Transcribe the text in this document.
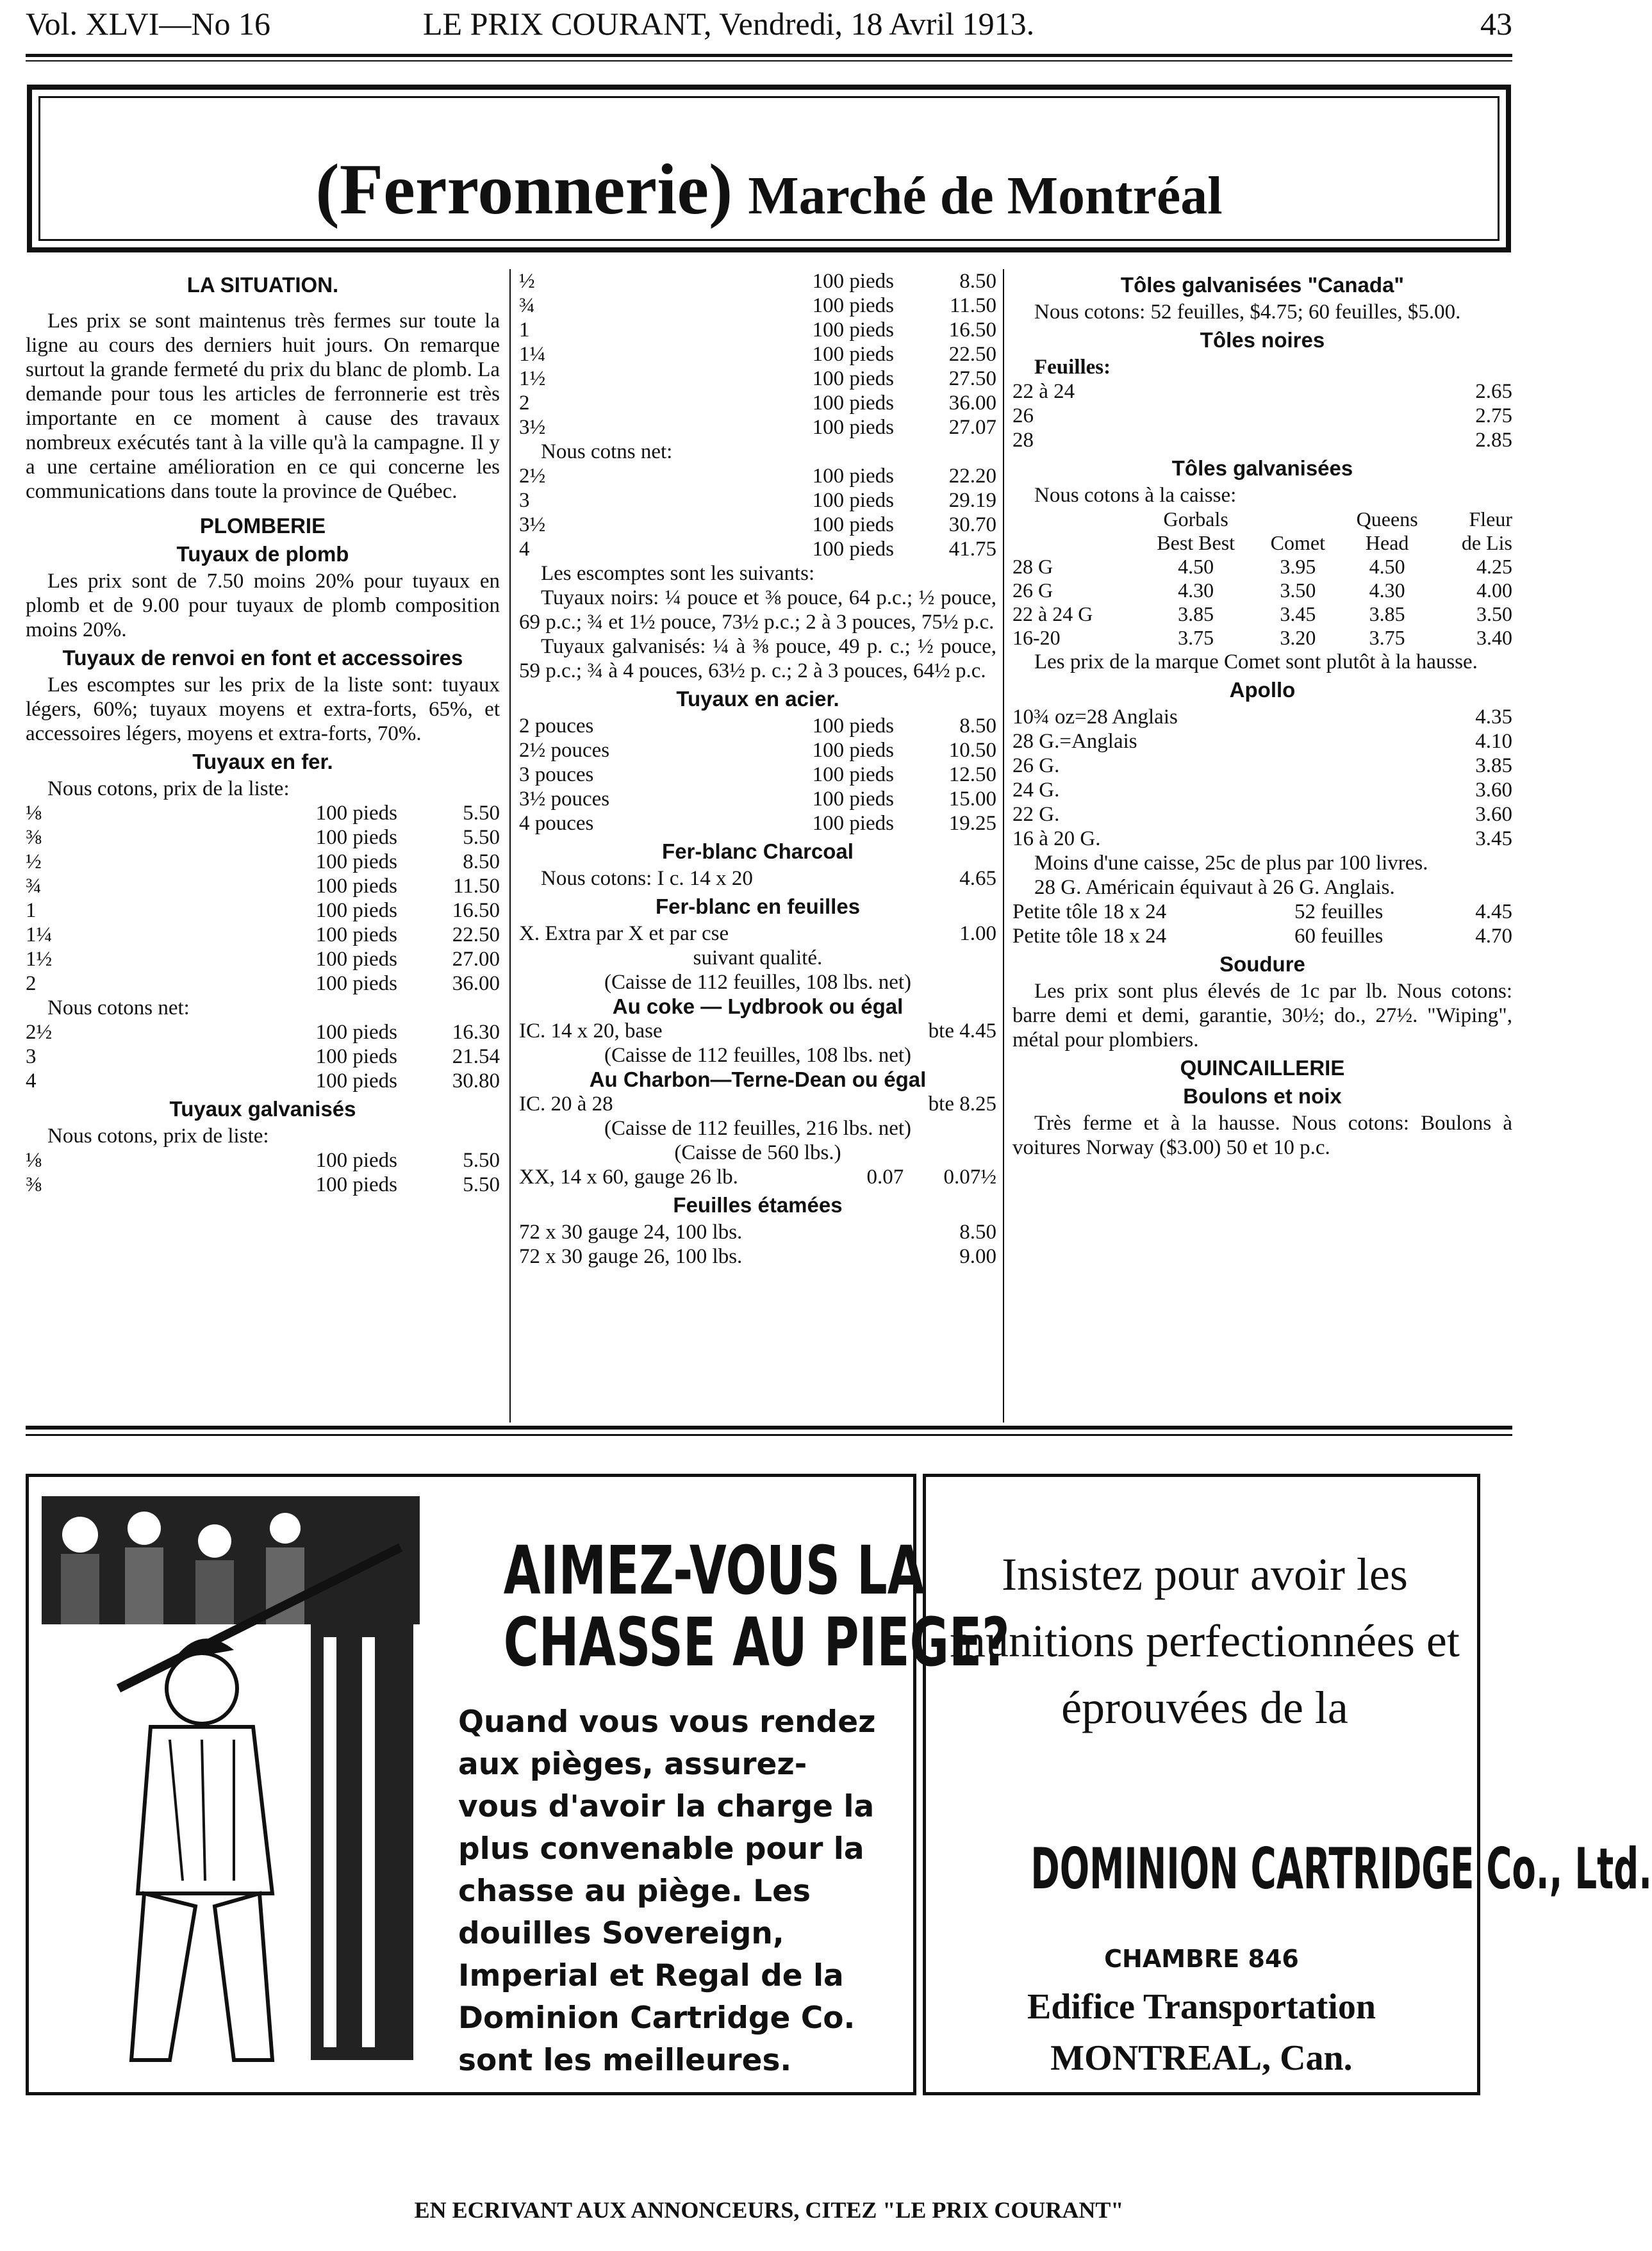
Vol. XLVI—No 16	LE PRIX COURANT, Vendredi, 18 Avril 1913.	43
(Ferronnerie) Marché de Montréal
LA SITUATION.

Les prix se sont maintenus très fermes sur toute la ligne au cours des derniers huit jours. On remarque surtout la grande fermeté du prix du blanc de plomb. La demande pour tous les articles de ferronnerie est très importante en ce moment à cause des travaux nombreux exécutés tant à la ville qu'à la campagne. Il y a une certaine amélioration en ce qui concerne les communications dans toute la province de Québec.

PLOMBERIE
Tuyaux de plomb

Les prix sont de 7.50 moins 20% pour tuyaux en plomb et de 9.00 pour tuyaux de plomb composition moins 20%.

Tuyaux de renvoi en font et accessoires

Les escomptes sur les prix de la liste sont: tuyaux légers, 60%; tuyaux moyens et extra-forts, 65%, et accessoires légers, moyens et extra-forts, 70%.

Tuyaux en fer.
Nous cotons, prix de la liste:
⅛	100 pieds	5.50
⅜	100 pieds	5.50
½	100 pieds	8.50
¾	100 pieds	11.50
1	100 pieds	16.50
1¼	100 pieds	22.50
1½	100 pieds	27.00
2	100 pieds	36.00
Nous cotons net:
2½	100 pieds	16.30
3	100 pieds	21.54
4	100 pieds	30.80
Tuyaux galvanisés
Nous cotons, prix de liste:
⅛	100 pieds	5.50
⅜	100 pieds	5.50
½	100 pieds	8.50
¾	100 pieds	11.50
1	100 pieds	16.50
1¼	100 pieds	22.50
1½	100 pieds	27.50
2	100 pieds	36.00
3½	100 pieds	27.07
Nous cotns net:
2½	100 pieds	22.20
3	100 pieds	29.19
3½	100 pieds	30.70
4	100 pieds	41.75
Les escomptes sont les suivants:

Tuyaux noirs: ¼ pouce et ⅜ pouce, 64 p.c.; ½ pouce, 69 p.c.; ¾ et 1½ pouce, 73½ p.c.; 2 à 3 pouces, 75½ p.c.

Tuyaux galvanisés: ¼ à ⅜ pouce, 49 p. c.; ½ pouce, 59 p.c.; ¾ à 4 pouces, 63½ p. c.; 2 à 3 pouces, 64½ p.c.

Tuyaux en acier.
2 pouces	100 pieds	8.50
2½ pouces	100 pieds	10.50
3 pouces	100 pieds	12.50
3½ pouces	100 pieds	15.00
4 pouces	100 pieds	19.25
Fer-blanc Charcoal
Nous cotons: I c. 14 x 20	4.65
Fer-blanc en feuilles
X. Extra par X et par cse	1.00
suivant qualité.
(Caisse de 112 feuilles, 108 lbs. net)
Au coke — Lydbrook ou égal
IC. 14 x 20, base	bte 4.45
(Caisse de 112 feuilles, 108 lbs. net)
Au Charbon—Terne-Dean ou égal
IC. 20 à 28	bte 8.25
(Caisse de 112 feuilles, 216 lbs. net)
(Caisse de 560 lbs.)
XX, 14 x 60, gauge 26 lb.	0.07	0.07½
Feuilles étamées
72 x 30 gauge 24, 100 lbs.	8.50
72 x 30 gauge 26, 100 lbs.	9.00
Tôles galvanisées "Canada"

Nous cotons: 52 feuilles, $4.75; 60 feuilles, $5.00.

Tôles noires
Feuilles:
22 à 24	2.65
26	2.75
28	2.85
Tôles galvanisées
Nous cotons à la caisse:
	Gorbals		Queens	Fleur
	Best Best	Comet	Head	de Lis
28 G	4.50	3.95	4.50	4.25
26 G	4.30	3.50	4.30	4.00
22 à 24 G	3.85	3.45	3.85	3.50
16-20	3.75	3.20	3.75	3.40

Les prix de la marque Comet sont plutôt à la hausse.

Apollo
10¾ oz=28 Anglais	4.35
28 G.=Anglais	4.10
26 G.	3.85
24 G.	3.60
22 G.	3.60
16 à 20 G.	3.45

Moins d'une caisse, 25c de plus par 100 livres.

28 G. Américain équivaut à 26 G. Anglais.

Petite tôle 18 x 24	52 feuilles	4.45
Petite tôle 18 x 24	60 feuilles	4.70
Soudure

Les prix sont plus élevés de 1c par lb. Nous cotons: barre demi et demi, garantie, 30½; do., 27½. "Wiping", métal pour plombiers.

QUINCAILLERIE
Boulons et noix

Très ferme et à la hausse. Nous cotons: Boulons à voitures Norway ($3.00) 50 et 10 p.c.

AIMEZ-VOUS LA
CHASSE AU PIEGE?
Quand vous vous rendez aux pièges, assurez-vous d'avoir la charge la plus convenable pour la chasse au piège. Les douilles Sovereign, Imperial et Regal de la Dominion Cartridge Co. sont les meilleures.
Insistez pour avoir les munitions perfectionnées et éprouvées de la
DOMINION CARTRIDGE Co., Ltd.
CHAMBRE 846
Edifice Transportation
MONTREAL, Can.
EN ECRIVANT AUX ANNONCEURS, CITEZ "LE PRIX COURANT"
